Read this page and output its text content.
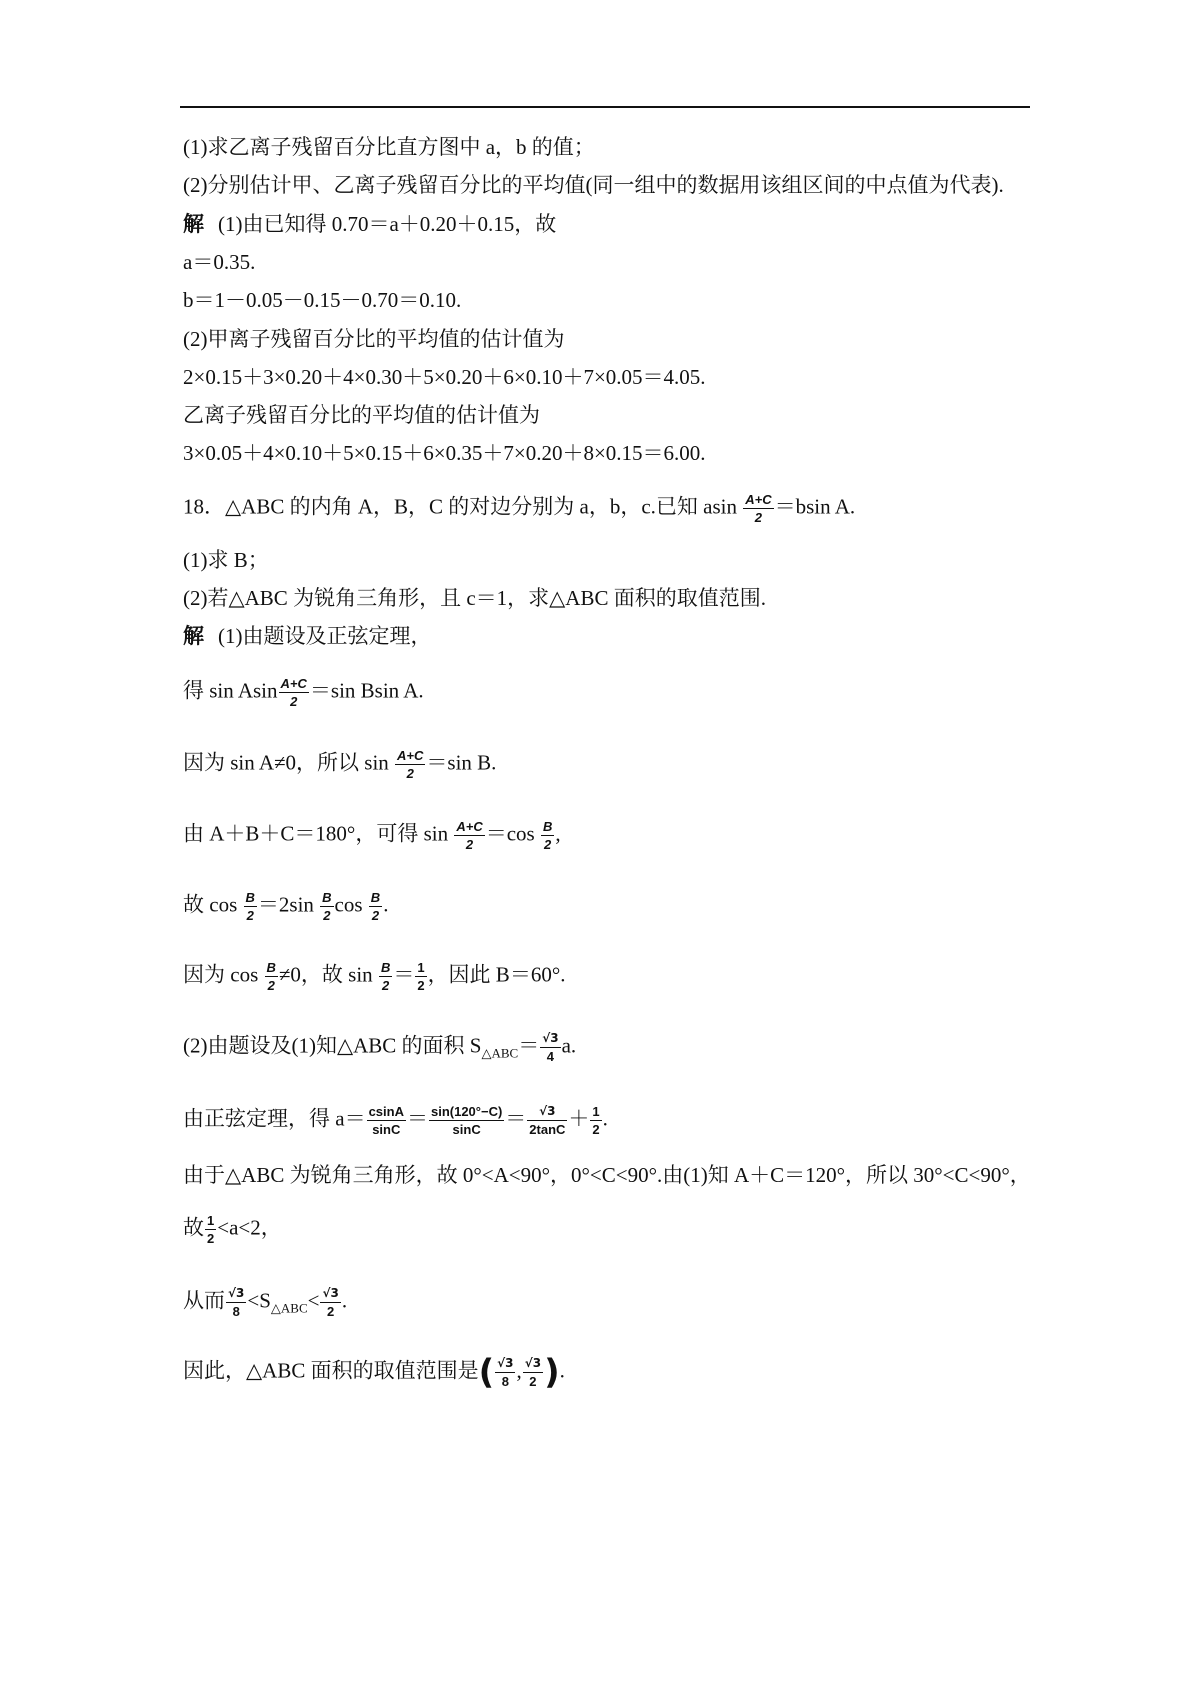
(1)求乙离子残留百分比直方图中 a，b 的值；
(2)分别估计甲、乙离子残留百分比的平均值(同一组中的数据用该组区间的中点值为代表).
解 (1)由已知得 0.70＝a＋0.20＋0.15，故
a＝0.35.
b＝1－0.05－0.15－0.70＝0.10.
(2)甲离子残留百分比的平均值的估计值为
2×0.15＋3×0.20＋4×0.30＋5×0.20＋6×0.10＋7×0.05＝4.05.
乙离子残留百分比的平均值的估计值为
3×0.05＋4×0.10＋5×0.15＋6×0.35＋7×0.20＋8×0.15＝6.00.
18．△ABC 的内角 A，B，C 的对边分别为 a，b，c.已知 asin $\frac{A+C}{2} =bsin$ A.
(1)求 B；
(2)若△ABC 为锐角三角形，且 c＝1，求△ABC 面积的取值范围.
解 (1)由题设及正弦定理，
得 sin Asin $\frac{A+C}{2} =\sin$ Bsin A.
因为 sin A≠0，所以 $\sin \frac{A+C}{2} =\sin$ B.
由 A＋B＋C＝180°，可得 $\sin \frac{A+C}{2} =\cos \frac{B}{2}$ ,
故 $\cos \frac{B}{2} =2\sin \frac{B}{2}$ $\cos \frac{B}{2}$ .
因为 $\cos \frac{B}{2} \ne 0$，故 $\sin \frac{B}{2} = \frac{1}{2}$ ，因此 B＝60°.
(2)由题设及(1)知△ABC 的面积 $S_{\triangle ABC}= \frac{√3}{4} a$.
由正弦定理，得 $a= \frac{csinA}{\sin C} = \frac{\sin(120^\circ-C)}{\sin C} = \frac{√3}{2\tan C} + \frac{1}{2}$ .
由于△ABC 为锐角三角形，故 0°<A<90°，0°<C<90°.由(1)知 A＋C＝120°，所以 30°<C<90°，
故 $\frac{1}{2} <a<2$，
从而 $\frac{√3}{8} <S_{\triangle ABC}< \frac{√3}{2}$ .
因此，△ABC 面积的取值范围是( $\frac{√3}{8}$ , $\frac{√3}{2}$ ).
